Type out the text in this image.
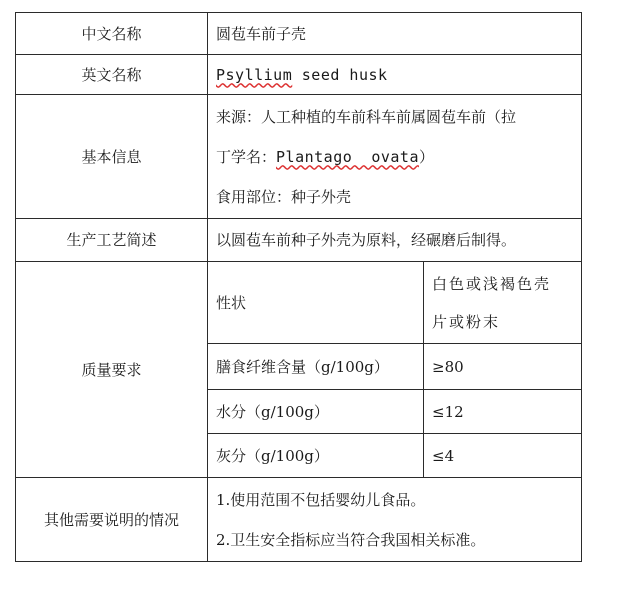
中文名称	圆苞车前子壳	
英文名称	Psyllium seed husk	
基本信息	来源：人工种植的车前科车前属圆苞车前（拉
丁学名：Plantago  ovata）
食用部位：种子外壳	

生产工艺简述	以圆苞车前种子外壳为原料，经碾磨后制得。	
质量要求	性状	白色或浅褐色壳
片或粉末

	膳食纤维含量（g/100g）	≥80
	水分（g/100g）	≤12
	灰分（g/100g）	≤4
其他需要说明的情况	1.使用范围不包括婴幼儿食品。
2.卫生安全指标应当符合我国相关标准。	
